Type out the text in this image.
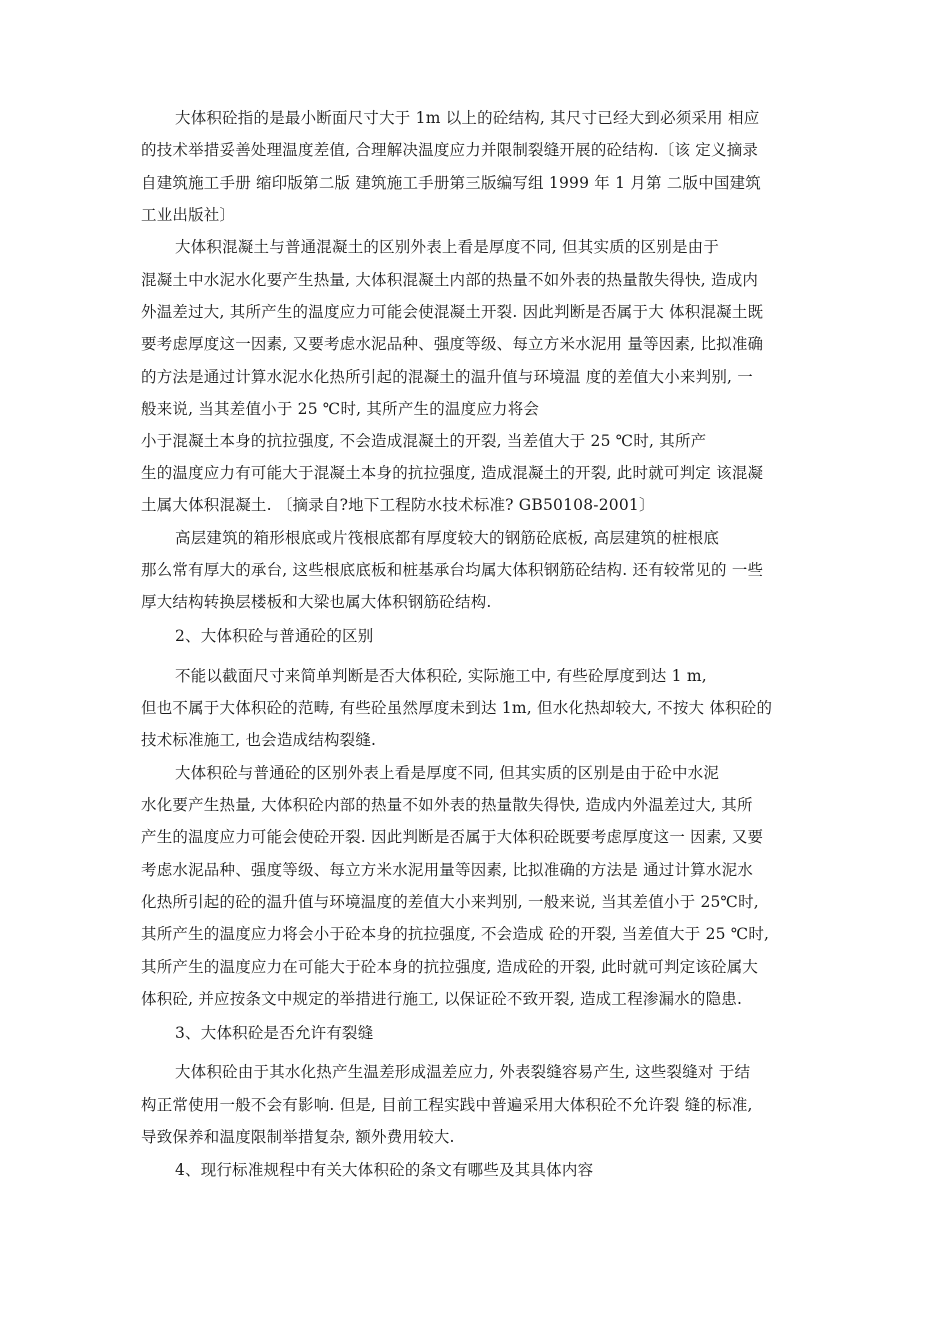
大体积砼指的是最小断面尺寸大于 1m 以上的砼结构, 其尺寸已经大到必须采用 相应

的技术举措妥善处理温度差值, 合理解决温度应力并限制裂缝开展的砼结构.〔该 定义摘录

自建筑施工手册 缩印版第二版 建筑施工手册第三版编写组 1999 年 1 月第 二版中国建筑

工业出版社〕

大体积混凝土与普通混凝土的区别外表上看是厚度不同, 但其实质的区别是由于

混凝土中水泥水化要产生热量, 大体积混凝土内部的热量不如外表的热量散失得快, 造成内

外温差过大, 其所产生的温度应力可能会使混凝土开裂. 因此判断是否属于大 体积混凝土既

要考虑厚度这一因素, 又要考虑水泥品种、强度等级、每立方米水泥用 量等因素, 比拟准确

的方法是通过计算水泥水化热所引起的混凝土的温升值与环境温 度的差值大小来判别, 一

般来说, 当其差值小于 25 ℃时, 其所产生的温度应力将会

小于混凝土本身的抗拉强度, 不会造成混凝土的开裂, 当差值大于 25 ℃时, 其所产

生的温度应力有可能大于混凝土本身的抗拉强度, 造成混凝土的开裂, 此时就可判定 该混凝

土属大体积混凝土. 〔摘录自?地下工程防水技术标准? GB50108-2001〕

高层建筑的箱形根底或片筏根底都有厚度较大的钢筋砼底板, 高层建筑的桩根底

那么常有厚大的承台, 这些根底底板和桩基承台均属大体积钢筋砼结构. 还有较常见的 一些

厚大结构转换层楼板和大梁也属大体积钢筋砼结构.

2、大体积砼与普通砼的区别

不能以截面尺寸来简单判断是否大体积砼, 实际施工中, 有些砼厚度到达 1 m,

但也不属于大体积砼的范畴, 有些砼虽然厚度未到达 1m, 但水化热却较大, 不按大 体积砼的

技术标准施工, 也会造成结构裂缝.

大体积砼与普通砼的区别外表上看是厚度不同, 但其实质的区别是由于砼中水泥

水化要产生热量, 大体积砼内部的热量不如外表的热量散失得快, 造成内外温差过大, 其所

产生的温度应力可能会使砼开裂. 因此判断是否属于大体积砼既要考虑厚度这一 因素, 又要

考虑水泥品种、强度等级、每立方米水泥用量等因素, 比拟准确的方法是 通过计算水泥水

化热所引起的砼的温升值与环境温度的差值大小来判别, 一般来说, 当其差值小于 25℃时,

其所产生的温度应力将会小于砼本身的抗拉强度, 不会造成 砼的开裂, 当差值大于 25 ℃时,

其所产生的温度应力在可能大于砼本身的抗拉强度, 造成砼的开裂, 此时就可判定该砼属大

体积砼, 并应按条文中规定的举措进行施工, 以保证砼不致开裂, 造成工程渗漏水的隐患.

3、大体积砼是否允许有裂缝

大体积砼由于其水化热产生温差形成温差应力, 外表裂缝容易产生, 这些裂缝对 于结

构正常使用一般不会有影响. 但是, 目前工程实践中普遍采用大体积砼不允许裂 缝的标准,

导致保养和温度限制举措复杂, 额外费用较大.

4、现行标准规程中有关大体积砼的条文有哪些及其具体内容
